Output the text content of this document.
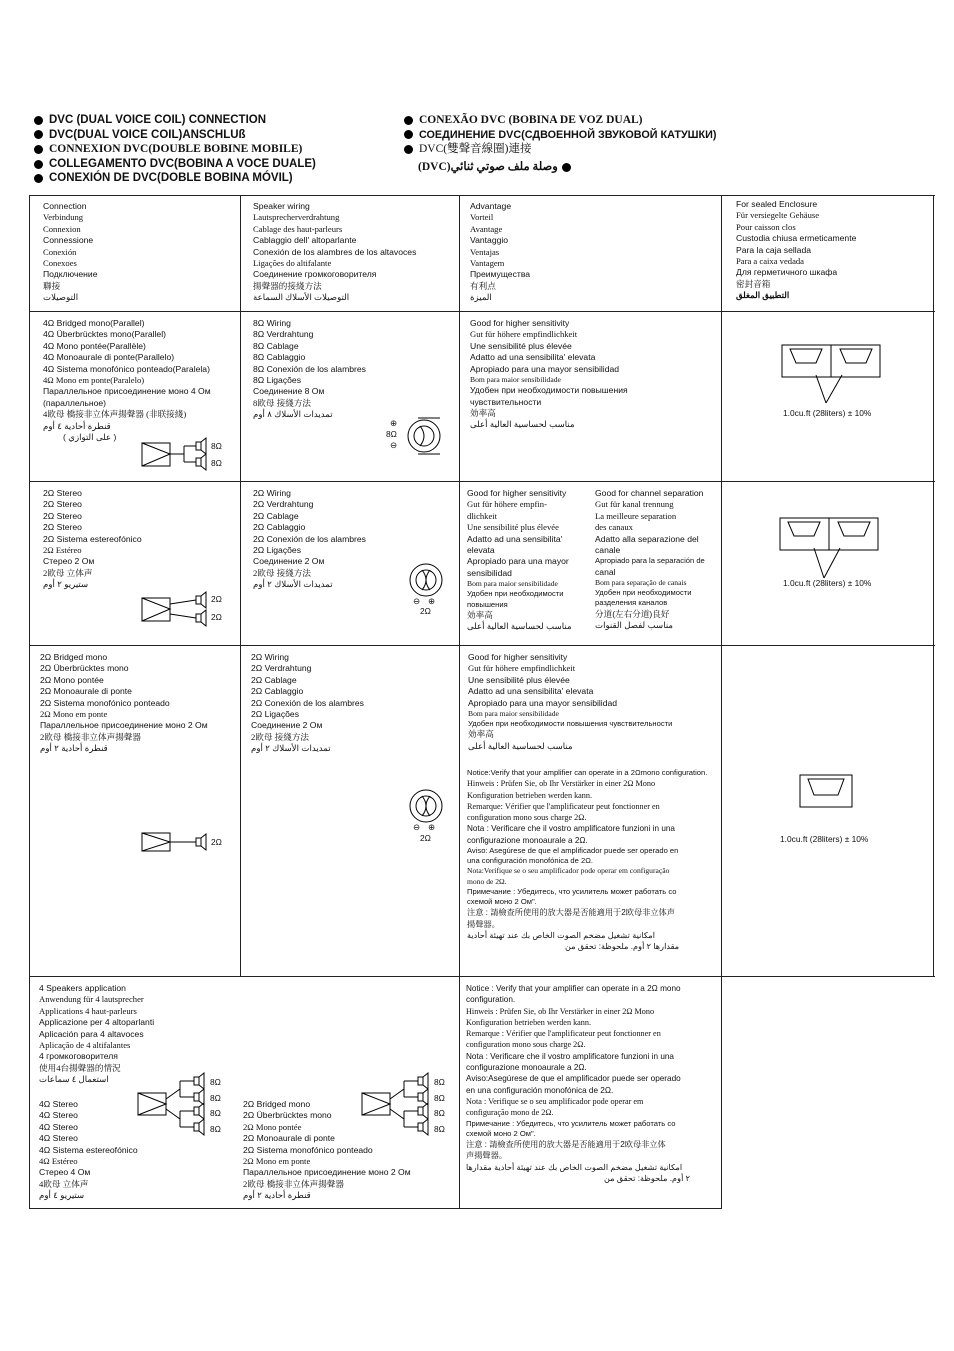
DVC (DUAL VOICE COIL) CONNECTION
DVC(DUAL VOICE COIL)ANSCHLUß
CONNEXION DVC(DOUBLE BOBINE MOBILE)
COLLEGAMENTO DVC(BOBINA A VOCE DUALE)
CONEXIÓN DE DVC(DOBLE BOBINA MÓVIL)
CONEXÃO DVC (BOBINA DE VOZ DUAL)
СОЕДИНЕНИЕ DVC(СДВОЕННОЙ ЗВУКОВОЙ КАТУШКИ)
DVC(雙聲音線圈)連接
(DVC)وصلة ملف صوتي ثنائي
Connection
Verbindung
Connexion
Connessione
Conexión
Conexoes
Подключение
聯接
التوصيلات
Speaker wiring
Lautsprecherverdrahtung
Cablage des haut-parleurs
Cablaggio dell' altoparlante
Conexión de los alambres de los altavoces
Ligações do altifalante
Соединение громкоговорителя
揚聲器的接綫方法
التوصيلات الأسلاك السماعة
Advantage
Vorteil
Avantage
Vantaggio
Ventajas
Vantagem
Преимущества
有利点
الميزة
For sealed Enclosure
Für versiegelte Gehäuse
Pour caisson clos
Custodia chiusa ermeticamente
Para la caja sellada
Para a caixa vedada
Для герметичного шкафа
密封音箱
التطبيق المغلق
4Ω Bridged mono(Parallel)
4Ω Überbrücktes mono(Parallel)
4Ω Mono pontée(Parallèle)
4Ω Monoaurale di ponte(Parallelo)
4Ω Sistema monofónico ponteado(Paralela)
4Ω Mono em ponte(Paralelo)
Параллельное присоединение моно 4 Ом
(параллельное)
4欧母 橋接非立体声揚聲器 (非联接綫)
قنطرة أحادية ٤ أوم
( على التوازي )
8Ω Wiring
8Ω Verdrahtung
8Ω Cablage
8Ω Cablaggio
8Ω Conexión de los alambres
8Ω Ligações
Соединение 8 Ом
8欧母 接綫方法
تمديدات الأسلاك ٨ أوم
Good for higher sensitivity
Gut für höhere empfindlichkeit
Une sensibilité plus élevée
Adatto ad una sensibilita' elevata
Apropiado para una mayor sensibilidad
Bom para maior sensibilidade
Удобен при необходимости повышения
чувствительности
効率高
مناسب لحساسية العالية أعلى
8Ω
8Ω
8Ω
⊕
⊖
1.0cu.ft (28liters) ± 10%
2Ω Stereo
2Ω Stereo
2Ω Stereo
2Ω Stereo
2Ω Sistema estereofónico
2Ω Estéreo
Стерео 2 Ом
2欧母 立体声
ستيريو ٢ أوم
2Ω Wiring
2Ω Verdrahtung
2Ω Cablage
2Ω Cablaggio
2Ω Conexión de los alambres
2Ω Ligações
Соединение 2 Ом
2欧母 接綫方法
تمديدات الأسلاك ٢ أوم
Good for higher sensitivity
Gut für höhere empfin-
dlichkeit
Une sensibilité plus élevée
Adatto ad una sensibilita'
elevata
Apropiado para una mayor
sensibilidad
Bom para maior sensibilidade
Удобен при необходимости
повышения
効率高
مناسب لحساسية العالية أعلى
Good for channel separation
Gut für kanal trennung
La meilleure separation
des canaux
Adatto alla separazione del
canale
Apropiado para la separación de
canal
Bom para separação de canais
Удобен при необходимости
разделения каналов
分道(左右分道)良好
مناسب لفصل القنوات
2Ω
2Ω
⊖ ⊕
2Ω
1.0cu.ft (28liters) ± 10%
2Ω Bridged mono
2Ω Überbrücktes mono
2Ω Mono pontée
2Ω Monoaurale di ponte
2Ω Sistema monofónico ponteado
2Ω Mono em ponte
Параллельное присоединение моно 2 Ом
2欧母 橋接非立体声揚聲器
قنطرة أحادية ٢ أوم
2Ω Wiring
2Ω Verdrahtung
2Ω Cablage
2Ω Cablaggio
2Ω Conexión de los alambres
2Ω Ligações
Соединение 2 Ом
2欧母 接綫方法
تمديدات الأسلاك ٢ أوم
Good for higher sensitivity
Gut für höhere empfindlichkeit
Une sensibilité plus élevée
Adatto ad una sensibilita' elevata
Apropiado para una mayor sensibilidad
Bom para maior sensibilidade
Удобен при необходимости повышения чувствительности
効率高
مناسب لحساسية العالية أعلى
Notice:Verify that your amplifier can operate in a 2Ωmono configuration.
Hinweis : Prüfen Sie, ob Ihr Verstärker in einer 2Ω Mono
Konfiguration betrieben werden kann.
Remarque: Vérifier que l'amplificateur peut fonctionner en
configuration mono sous charge 2Ω.
Nota : Verificare che il vostro amplificatore funzioni in una
configurazione monoaurale a 2Ω.
Aviso: Asegúrese de que el amplificador puede ser operado en
una configuración monofónica de 2Ω.
Nota:Verifique se o seu amplificador pode operar em configuração
mono de 2Ω.
Примечание : Убедитесь, что усилитель может работать со
схемой моно 2 Ом".
注意 : 請檢查所使用的放大器是否能適用于2欧母非立体声
揚聲器。
امكانية تشغيل مضخم الصوت الخاص بك عند تهيئة أحادية
مقدارها ٢ أوم. ملحوظة: تحقق من
2Ω
⊖ ⊕
2Ω	1.0cu.ft (28liters) ± 10%
4 Speakers application
Anwendung für 4 lautsprecher
Applications 4 haut-parleurs
Applicazione per 4 altoparlanti
Aplicación para 4 altavoces
Aplicação de 4 altifalantes
4 громкоговорителя
使用4台揚聲器的情況
استعمال ٤ سماعات
4Ω Stereo
4Ω Stereo
4Ω Stereo
4Ω Stereo
4Ω Sistema estereofónico
4Ω Estéreo
Стерео 4 Ом
4欧母 立体声
ستيريو ٤ أوم
2Ω Bridged mono
2Ω Überbrücktes mono
2Ω Mono pontée
2Ω Monoaurale di ponte
2Ω Sistema monofónico ponteado
2Ω Mono em ponte
Параллельное присоединение моно 2 Ом
2欧母 橋接非立体声揚聲器
قنطرة أحادية ٢ أوم
Notice : Verify that your amplifier can operate in a 2Ω mono
configuration.
Hinweis : Prüfen Sie, ob Ihr Verstärker in einer 2Ω Mono
Konfiguration betrieben werden kann.
Remarque : Vérifier que l'amplificateur peut fonctionner en
configuration mono sous charge 2Ω.
Nota : Verificare che il vostro amplificatore funzioni in una
configurazione monoaurale a 2Ω.
Aviso:Asegúrese de que el amplificador puede ser operado
en una configuración monofónica de 2Ω.
Nota : Verifique se o seu amplificador pode operar em
configuração mono de 2Ω.
Примечание : Убедитесь, что усилитель может работать со
схемой моно 2 Ом".
注意 : 請檢查所使用的放大器是否能適用于2欧母非立体
声揚聲器。
امكانية تشغيل مضخم الصوت الخاص بك عند تهيئة أحادية مقدارها
٢ أوم. ملحوظة: تحقق من
8Ω
8Ω
8Ω
8Ω
8Ω
8Ω
8Ω
8Ω
